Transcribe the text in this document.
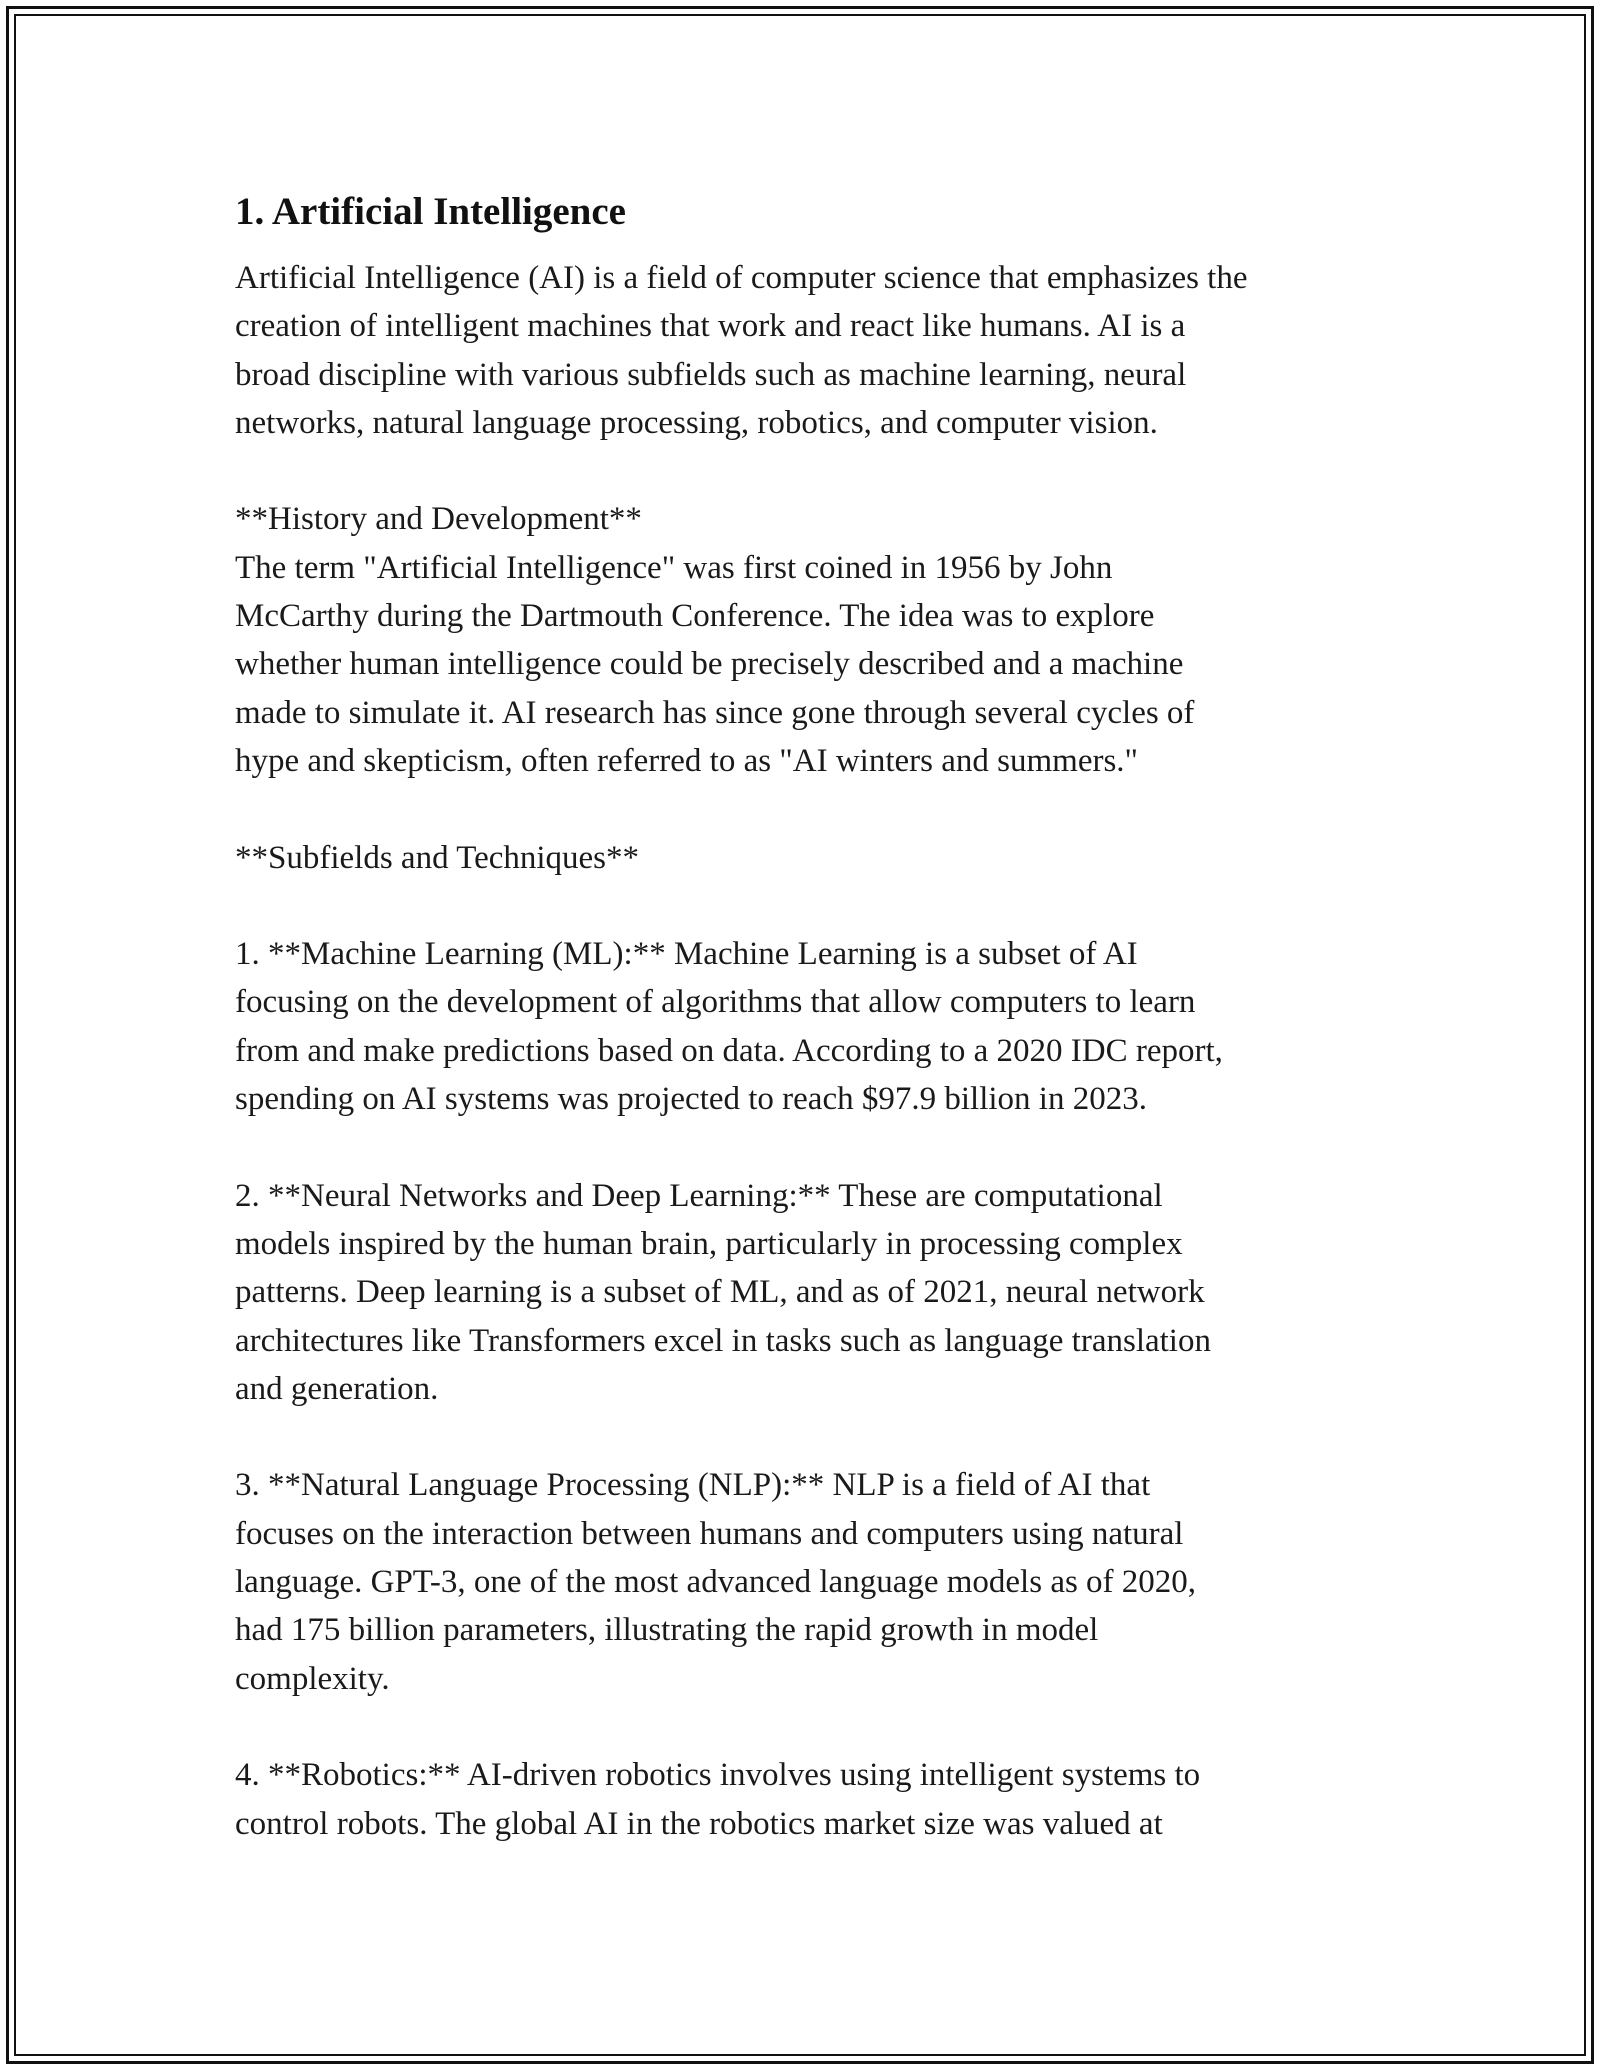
1. Artificial Intelligence

Artificial Intelligence (AI) is a field of computer science that emphasizes the
creation of intelligent machines that work and react like humans. AI is a
broad discipline with various subfields such as machine learning, neural
networks, natural language processing, robotics, and computer vision.

**History and Development**

The term "Artificial Intelligence" was first coined in 1956 by John
McCarthy during the Dartmouth Conference. The idea was to explore
whether human intelligence could be precisely described and a machine
made to simulate it. AI research has since gone through several cycles of
hype and skepticism, often referred to as "AI winters and summers."

**Subfields and Techniques**

1. **Machine Learning (ML):** Machine Learning is a subset of AI
focusing on the development of algorithms that allow computers to learn
from and make predictions based on data. According to a 2020 IDC report,
spending on AI systems was projected to reach $97.9 billion in 2023.

2. **Neural Networks and Deep Learning:** These are computational
models inspired by the human brain, particularly in processing complex
patterns. Deep learning is a subset of ML, and as of 2021, neural network
architectures like Transformers excel in tasks such as language translation
and generation.

3. **Natural Language Processing (NLP):** NLP is a field of AI that
focuses on the interaction between humans and computers using natural
language. GPT-3, one of the most advanced language models as of 2020,
had 175 billion parameters, illustrating the rapid growth in model
complexity.

4. **Robotics:** AI-driven robotics involves using intelligent systems to
control robots. The global AI in the robotics market size was valued at
